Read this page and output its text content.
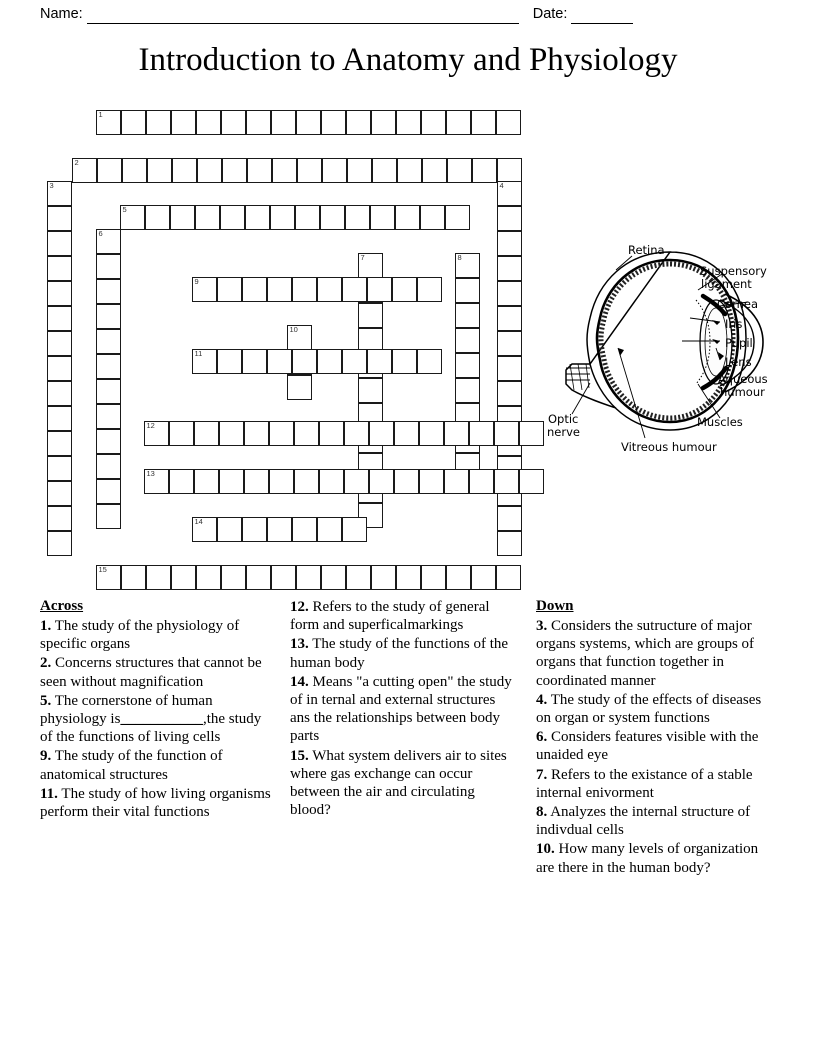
Name:	Date:
Introduction to Anatomy and Physiology
1
2
3	4
5
6
7	8
9
10
11
12
13
14
15
Retina
Suspensory
ligament
Cornea
Iris
Pupil
Lens
Aqueous
humour
Muscles
Optic
nerve
Vitreous humour
Across
1. The study of the physiology of specific organs
2. Concerns structures that cannot be seen without magnification
5. The cornerstone of human physiology is___________,the study of the functions of living cells
9. The study of the function of anatomical structures
11. The study of how living organisms perform their vital functions
12. Refers to the study of general form and superficalmarkings
13. The study of the functions of the human body
14. Means "a cutting open" the study of in ternal and external structures ans the relationships between body parts
15. What system delivers air to sites where gas exchange can occur between the air and circulating blood?
Down
3. Considers the sutructure of major organs systems, which are groups of organs that function together in coordinated manner
4. The study of the effects of diseases on organ or system functions
6. Considers features visible with the unaided eye
7. Refers to the existance of a stable internal enivorment
8. Analyzes the internal structure of indivdual cells
10. How many levels of organization are there in the human body?
